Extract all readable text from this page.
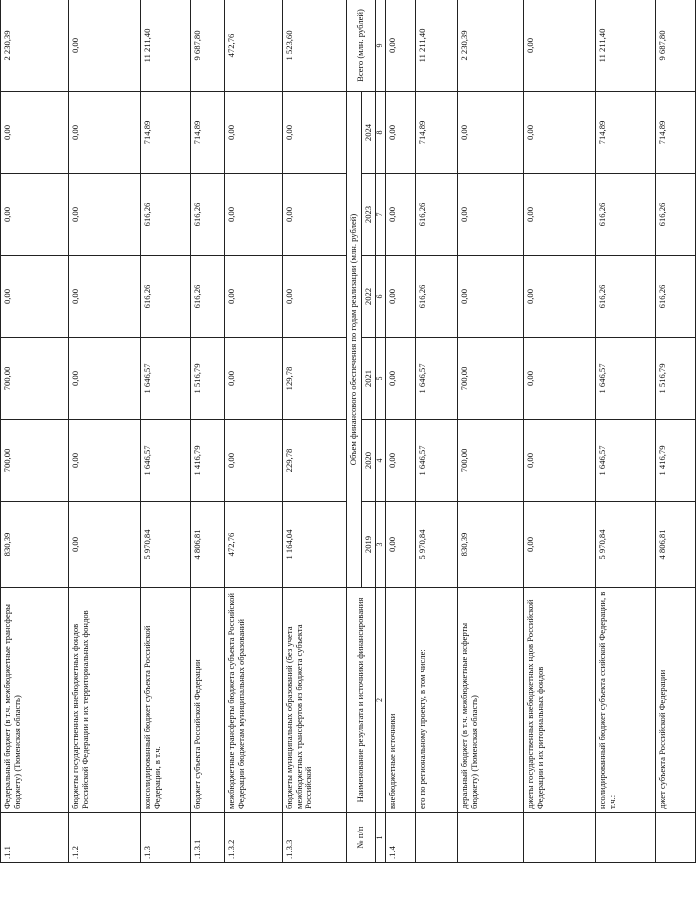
.1.1	Федеральный бюджет (в т.ч. межбюджетные трансферы бюджету) (Тюменская область)	830,39	700,00	700,00	0,00	0,00	0,00	2 230,39
.1.2	бюджеты государственных внебюджетных фондов Российской Федерации и их территориальных фондов	0,00	0,00	0,00	0,00	0,00	0,00	0,00
.1.3	консолидированный бюджет субъекта Российской Федерации, в т.ч.	5 970,84	1 646,57	1 646,57	616,26	616,26	714,89	11 211,40
.1.3.1	бюджет субъекта Российской Федерации	4 806,81	1 416,79	1 516,79	616,26	616,26	714,89	9 687,80
.1.3.2	межбюджетные трансферты бюджета субъекта Российской Федерации бюджетам муниципальных образований	472,76	0,00	0,00	0,00	0,00	0,00	472,76
.1.3.3	бюджеты муниципальных образований (без учета межбюджетных трансфертов из бюджета субъекта Российской	1 164,04	229,78	129,78	0,00	0,00	0,00	1 523,60
№ п/п	Наименование результата и источники финансирования	Объем финансового обеспечения по годам реализации (млн. рублей)						Всего (млн. рублей)
		2019	2020	2021	2022	2023	2024	
1	2	3	4	5	6	7	8	9
.1.4	внебюджетные источники	0,00	0,00	0,00	0,00	0,00	0,00	0,00
	его по региональному проекту, в том числе:	5 970,84	1 646,57	1 646,57	616,26	616,26	714,89	11 211,40
	деральный бюджет (в т.ч. межбюджетные нсферты бюджету) (Тюменская область)	830,39	700,00	700,00	0,00	0,00	0,00	2 230,39
	джеты государственных внебюджетных ндов Российской Федерации и их риториальных фондов	0,00	0,00	0,00	0,00	0,00	0,00	0,00
	нсолидированный бюджет субъекта ссийской Федерации, в т.ч.:	5 970,84	1 646,57	1 646,57	616,26	616,26	714,89	11 211,40
	джет субъекта Российской Федерации	4 806,81	1 416,79	1 516,79	616,26	616,26	714,89	9 687,80
